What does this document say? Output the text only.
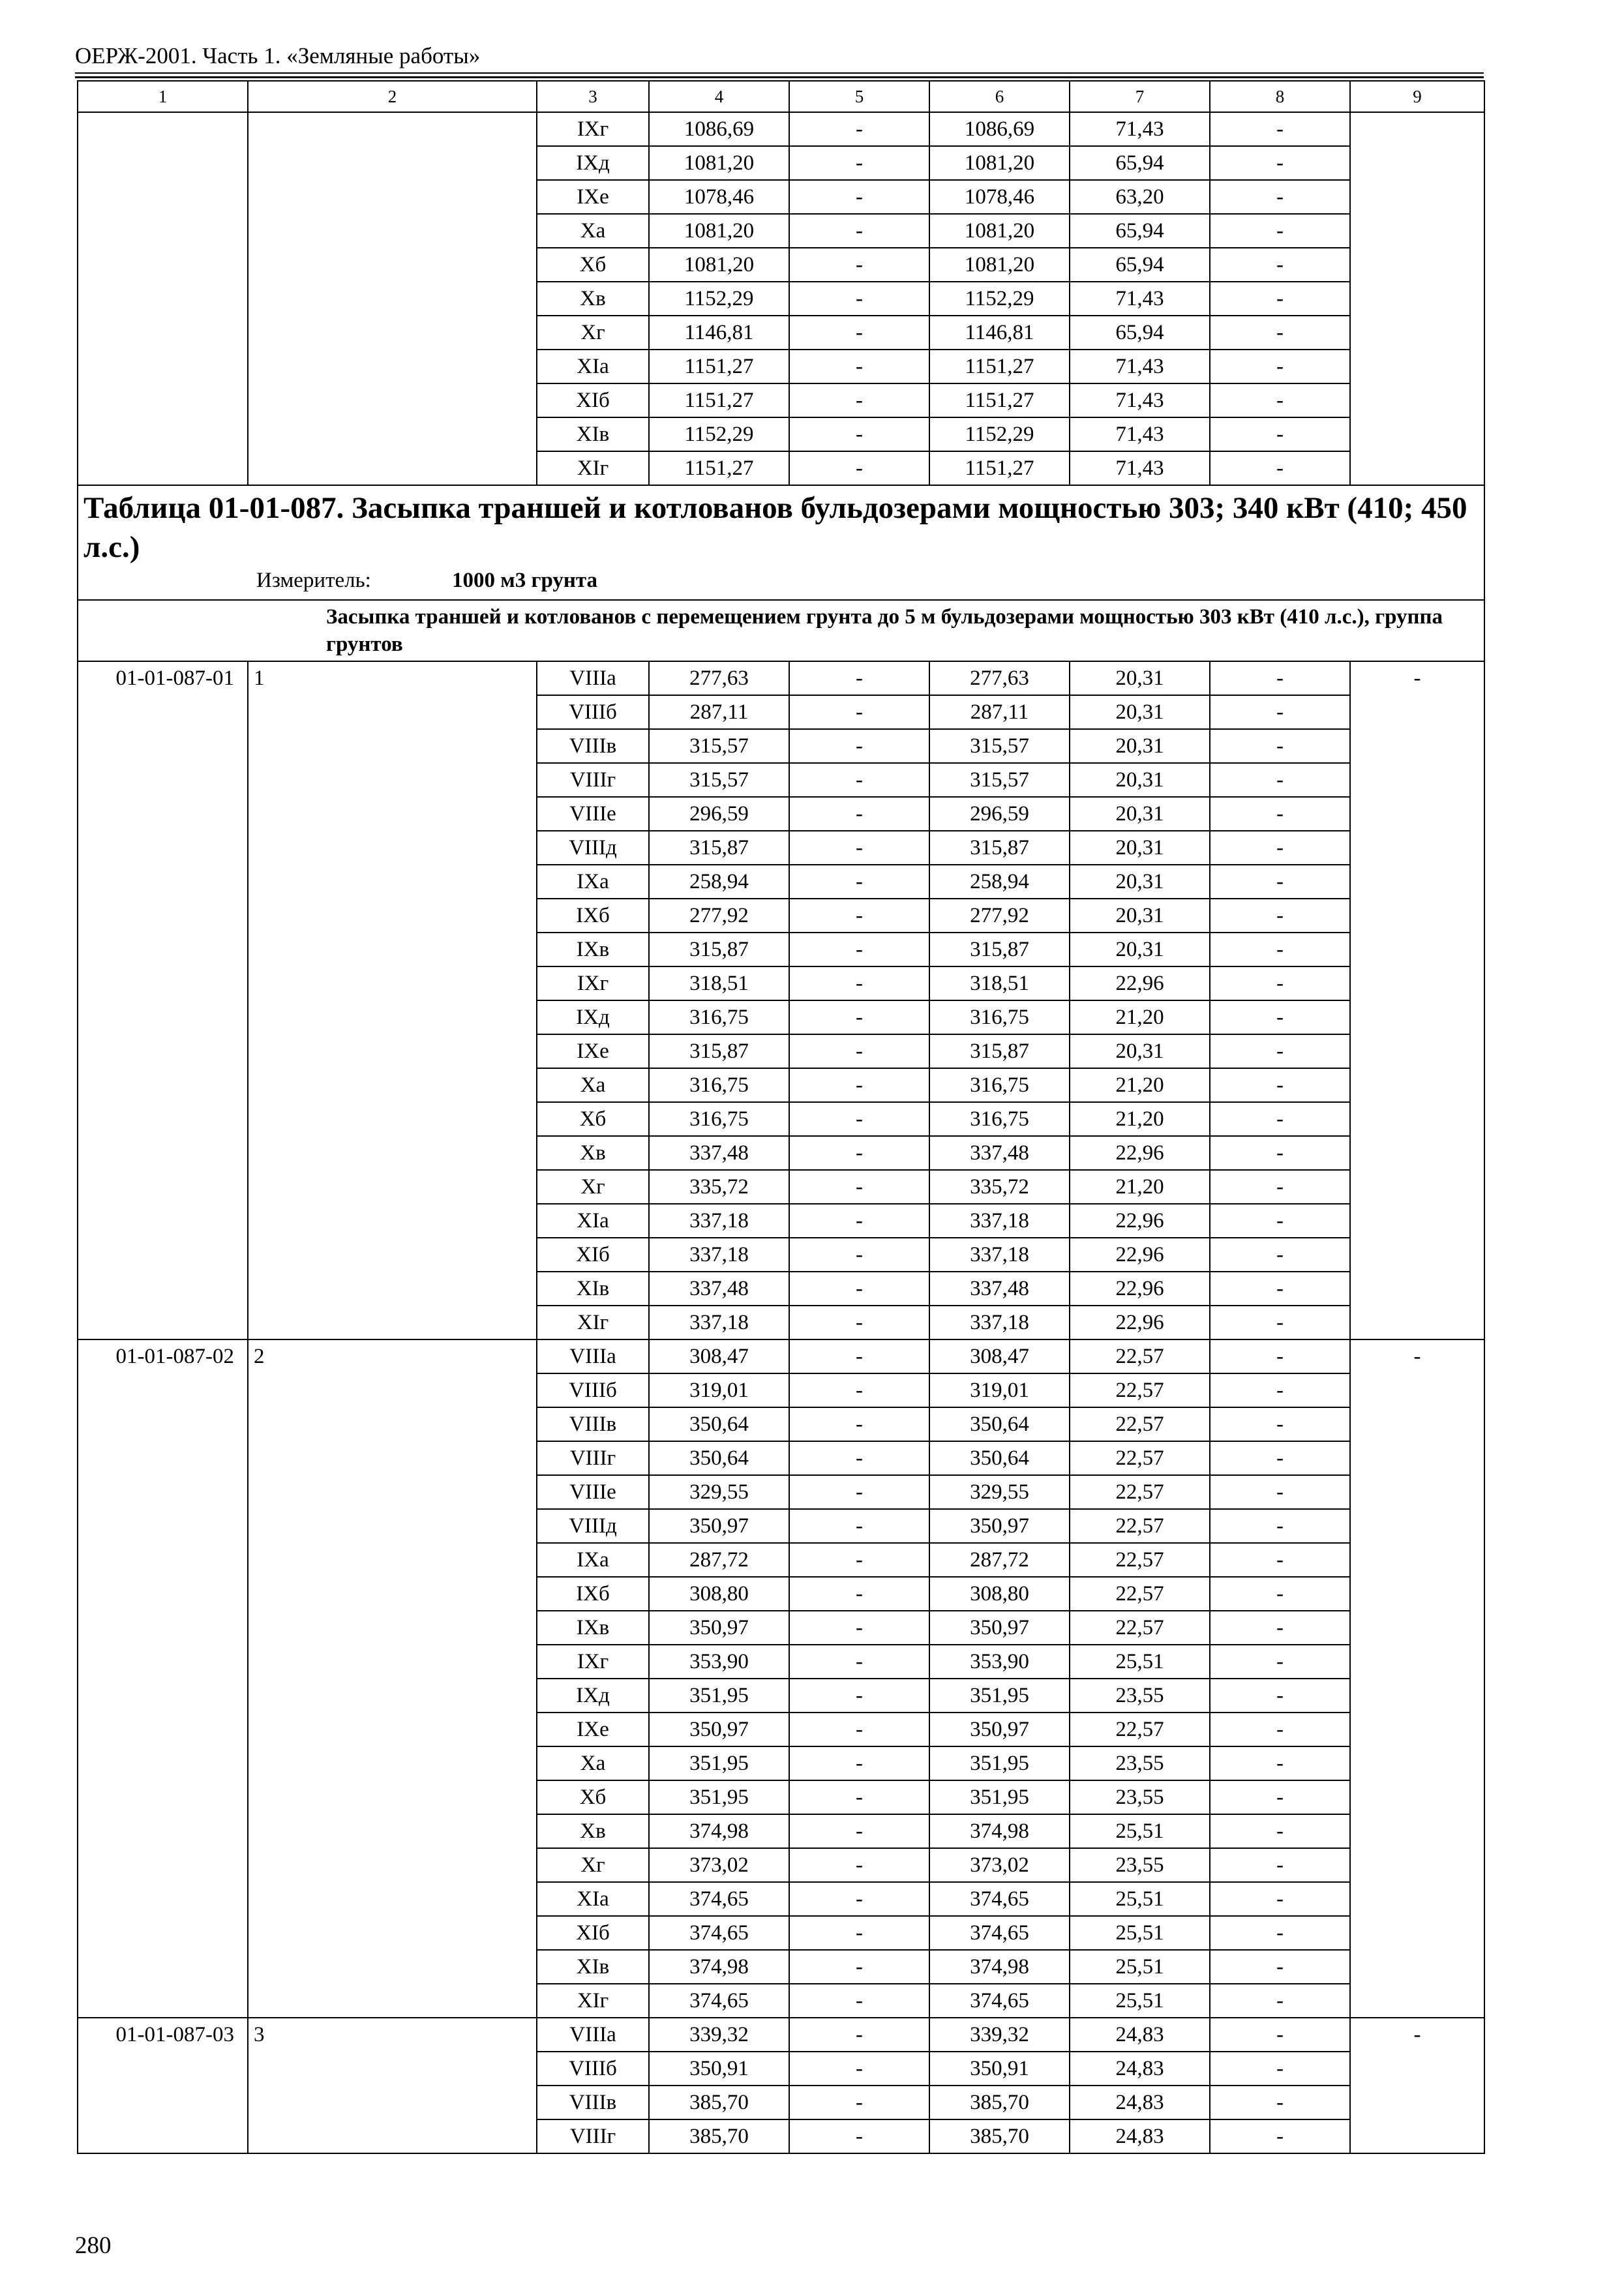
ОЕРЖ-2001. Часть 1. «Земляные работы»
1	2	3	4	5	6	7	8	9
		IХг	1086,69	-	1086,69	71,43	-	
		IХд	1081,20	-	1081,20	65,94	-	
		IХе	1078,46	-	1078,46	63,20	-	
		Ха	1081,20	-	1081,20	65,94	-	
		Хб	1081,20	-	1081,20	65,94	-	
		Хв	1152,29	-	1152,29	71,43	-	
		Хг	1146,81	-	1146,81	65,94	-	
		ХIа	1151,27	-	1151,27	71,43	-	
		ХIб	1151,27	-	1151,27	71,43	-	
		ХIв	1152,29	-	1152,29	71,43	-	
		ХIг	1151,27	-	1151,27	71,43	-	

Таблица 01-01-087. Засыпка траншей и котлованов бульдозерами мощностью 303; 340 кВт (410; 450 л.с.)
Измеритель: 1000 м3 грунта								

Засыпка траншей и котлованов с перемещением грунта до 5 м бульдозерами мощностью 303 кВт (410 л.с.), группа грунтов								
01-01-087-01	1	VIIIа	277,63	-	277,63	20,31	-	-
		VIIIб	287,11	-	287,11	20,31	-	
		VIIIв	315,57	-	315,57	20,31	-	
		VIIIг	315,57	-	315,57	20,31	-	
		VIIIе	296,59	-	296,59	20,31	-	
		VIIIд	315,87	-	315,87	20,31	-	
		IХа	258,94	-	258,94	20,31	-	
		IХб	277,92	-	277,92	20,31	-	
		IХв	315,87	-	315,87	20,31	-	
		IХг	318,51	-	318,51	22,96	-	
		IХд	316,75	-	316,75	21,20	-	
		IХе	315,87	-	315,87	20,31	-	
		Ха	316,75	-	316,75	21,20	-	
		Хб	316,75	-	316,75	21,20	-	
		Хв	337,48	-	337,48	22,96	-	
		Хг	335,72	-	335,72	21,20	-	
		ХIа	337,18	-	337,18	22,96	-	
		ХIб	337,18	-	337,18	22,96	-	
		ХIв	337,48	-	337,48	22,96	-	
		ХIг	337,18	-	337,18	22,96	-	
01-01-087-02	2	VIIIа	308,47	-	308,47	22,57	-	-
		VIIIб	319,01	-	319,01	22,57	-	
		VIIIв	350,64	-	350,64	22,57	-	
		VIIIг	350,64	-	350,64	22,57	-	
		VIIIе	329,55	-	329,55	22,57	-	
		VIIIд	350,97	-	350,97	22,57	-	
		IХа	287,72	-	287,72	22,57	-	
		IХб	308,80	-	308,80	22,57	-	
		IХв	350,97	-	350,97	22,57	-	
		IХг	353,90	-	353,90	25,51	-	
		IХд	351,95	-	351,95	23,55	-	
		IХе	350,97	-	350,97	22,57	-	
		Ха	351,95	-	351,95	23,55	-	
		Хб	351,95	-	351,95	23,55	-	
		Хв	374,98	-	374,98	25,51	-	
		Хг	373,02	-	373,02	23,55	-	
		ХIа	374,65	-	374,65	25,51	-	
		ХIб	374,65	-	374,65	25,51	-	
		ХIв	374,98	-	374,98	25,51	-	
		ХIг	374,65	-	374,65	25,51	-	
01-01-087-03	3	VIIIа	339,32	-	339,32	24,83	-	-
		VIIIб	350,91	-	350,91	24,83	-	
		VIIIв	385,70	-	385,70	24,83	-	
		VIIIг	385,70	-	385,70	24,83	-	
280
